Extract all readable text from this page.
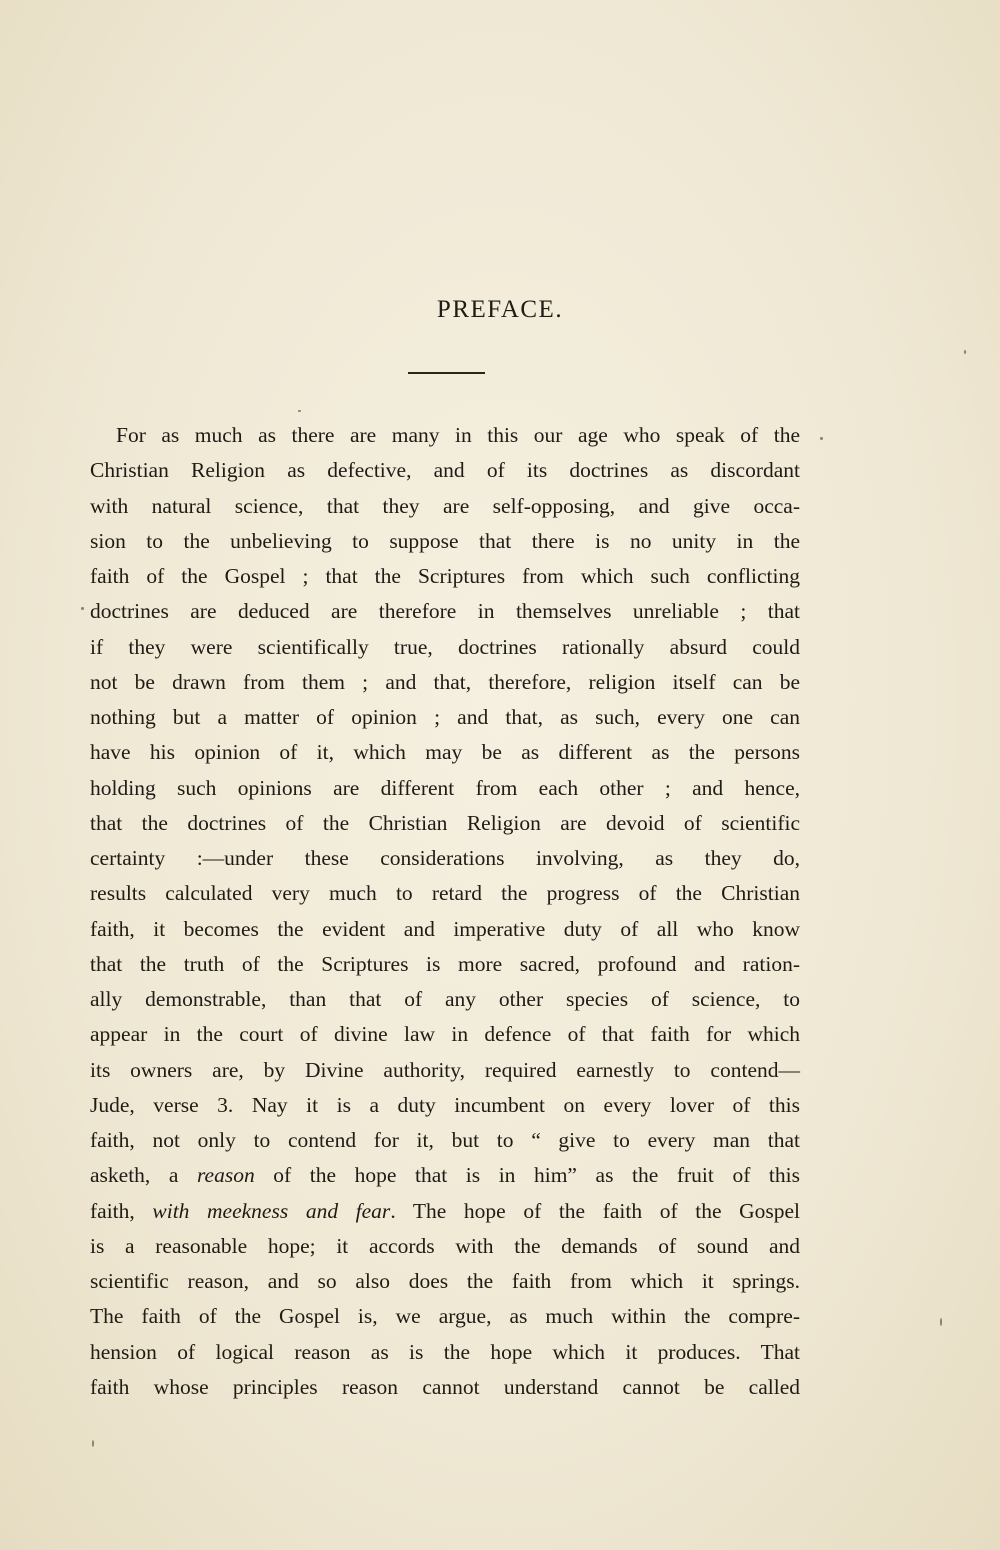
PREFACE.
For as much as there are many in this our age who speak of the
Christian Religion as defective, and of its doctrines as discordant
with natural science, that they are self-opposing, and give occa-
sion to the unbelieving to suppose that there is no unity in the
faith of the Gospel ; that the Scriptures from which such conflicting
doctrines are deduced are therefore in themselves unreliable ; that
if they were scientifically true, doctrines rationally absurd could
not be drawn from them ; and that, therefore, religion itself can be
nothing but a matter of opinion ; and that, as such, every one can
have his opinion of it, which may be as different as the persons
holding such opinions are different from each other ; and hence,
that the doctrines of the Christian Religion are devoid of scientific
certainty :—under these considerations involving, as they do,
results calculated very much to retard the progress of the Christian
faith, it becomes the evident and imperative duty of all who know
that the truth of the Scriptures is more sacred, profound and ration-
ally demonstrable, than that of any other species of science, to
appear in the court of divine law in defence of that faith for which
its owners are, by Divine authority, required earnestly to contend—
Jude, verse 3. Nay it is a duty incumbent on every lover of this
faith, not only to contend for it, but to “ give to every man that
asketh, a reason of the hope that is in him” as the fruit of this
faith, with meekness and fear. The hope of the faith of the Gospel
is a reasonable hope; it accords with the demands of sound and
scientific reason, and so also does the faith from which it springs.
The faith of the Gospel is, we argue, as much within the compre-
hension of logical reason as is the hope which it produces. That
faith whose principles reason cannot understand cannot be called
